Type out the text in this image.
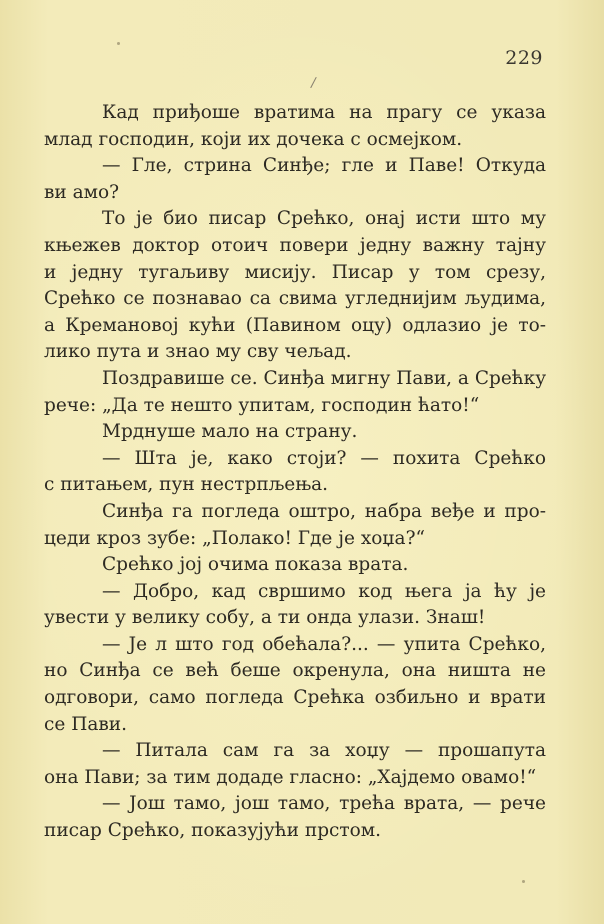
229
/
Кад приђоше вратима на прагу се указа
млад господин, који их дочека с осмејком.
— Гле, стрина Синђе; гле и Паве! Откуда
ви амо?
То је био писар Срећко, онај исти што му
књежев доктор отоич повери једну важну тајну
и једну тугаљиву мисију. Писар у том срезу,
Срећко се познавао са свима угледнијим људима,
а Кремановој кући (Павином оцу) одлазио је то-
лико пута и знао му сву чељад.
Поздравише се. Синђа мигну Пави, а Срећку
рече: „Да те нешто упитам, господин ћато!“
Мрднуше мало на страну.
— Шта је, како стоји? — похита Срећко
с питањем, пун нестрпљења.
Синђа га погледа оштро, набра веђе и про-
цеди кроз зубе: „Полако! Где је хоџа?“
Срећко јој очима показа врата.
— Добро, кад свршимо код њега ја ћу је
увести у велику собу, а ти онда улази. Знаш!
— Је л што год обећала?... — упита Срећко,
но Синђа се већ беше окренула, она ништа не
одговори, само погледа Срећка озбиљно и врати
се Пави.
— Питала сам га за хоџу — прошапута
она Пави; за тим додаде гласно: „Хајдемо овамо!“
— Још тамо, још тамо, трећа врата, — рече
писар Срећко, показујући прстом.
